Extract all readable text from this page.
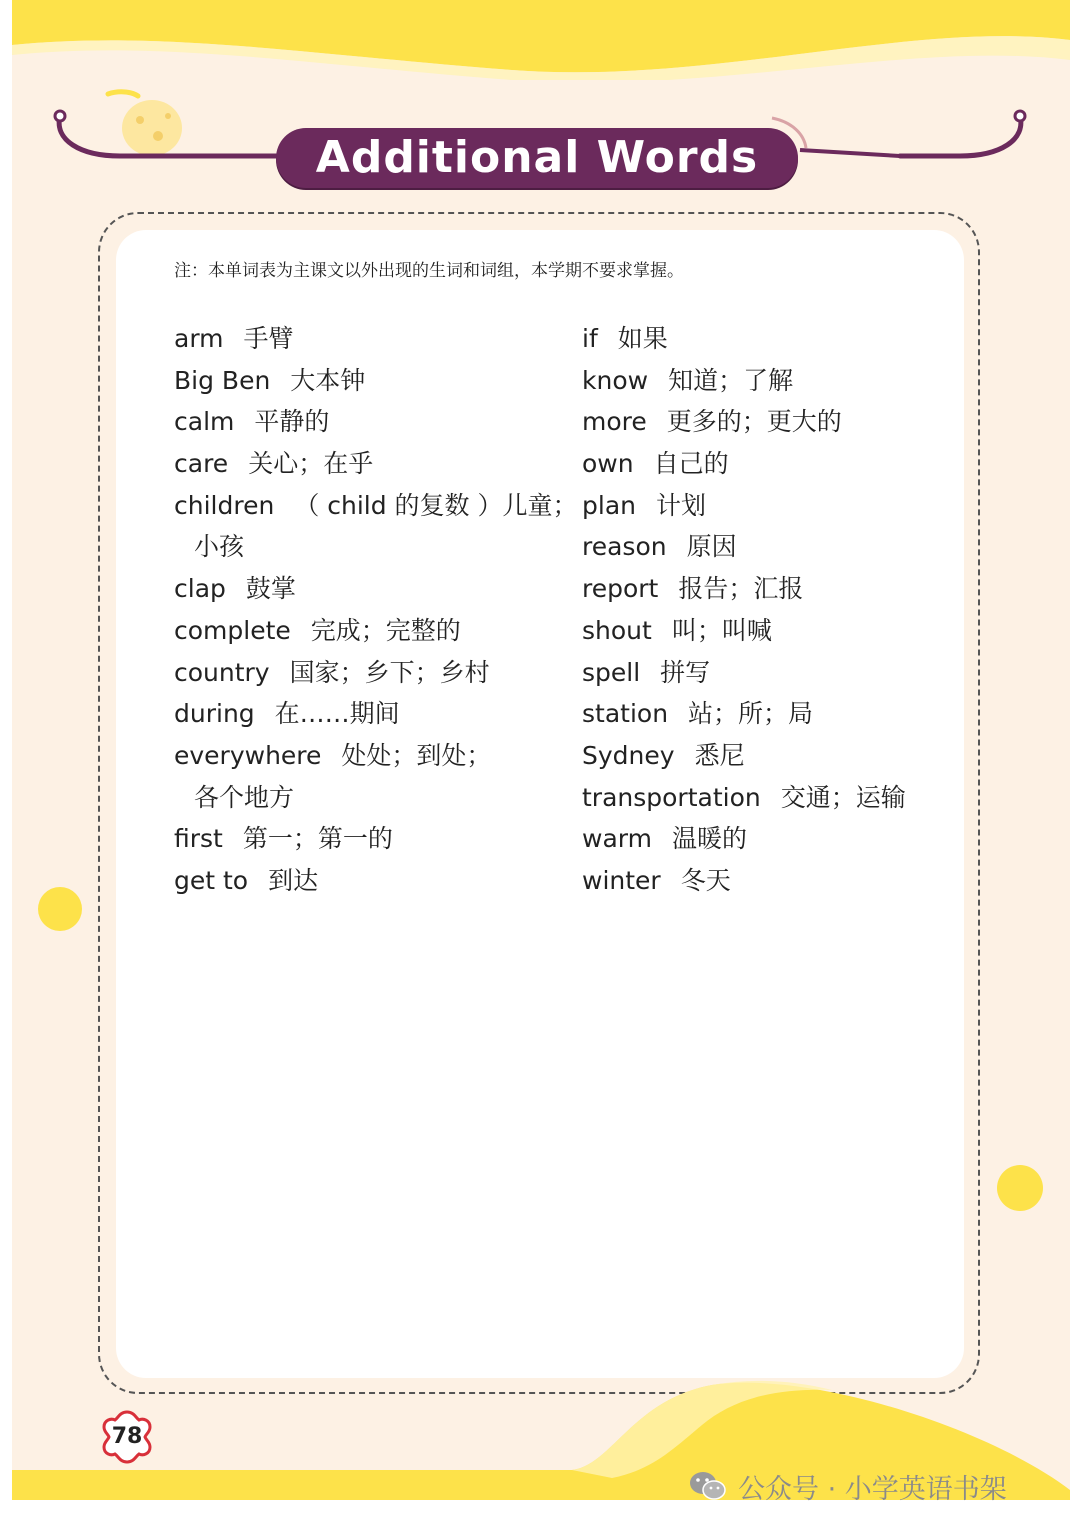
Additional Words
注：本单词表为主课文以外出现的生词和词组，本学期不要求掌握。
arm 手臂
Big Ben 大本钟
calm 平静的
care 关心；在乎
children （ child 的复数 ）儿童；
小孩
clap 鼓掌
complete 完成；完整的
country 国家；乡下；乡村
during 在……期间
everywhere 处处；到处；
各个地方
first 第一；第一的
get to 到达
if 如果
know 知道；了解
more 更多的；更大的
own 自己的
plan 计划
reason 原因
report 报告；汇报
shout 叫；叫喊
spell 拼写
station 站；所；局
Sydney 悉尼
transportation 交通；运输
warm 温暖的
winter 冬天
78
公众号 · 小学英语书架
